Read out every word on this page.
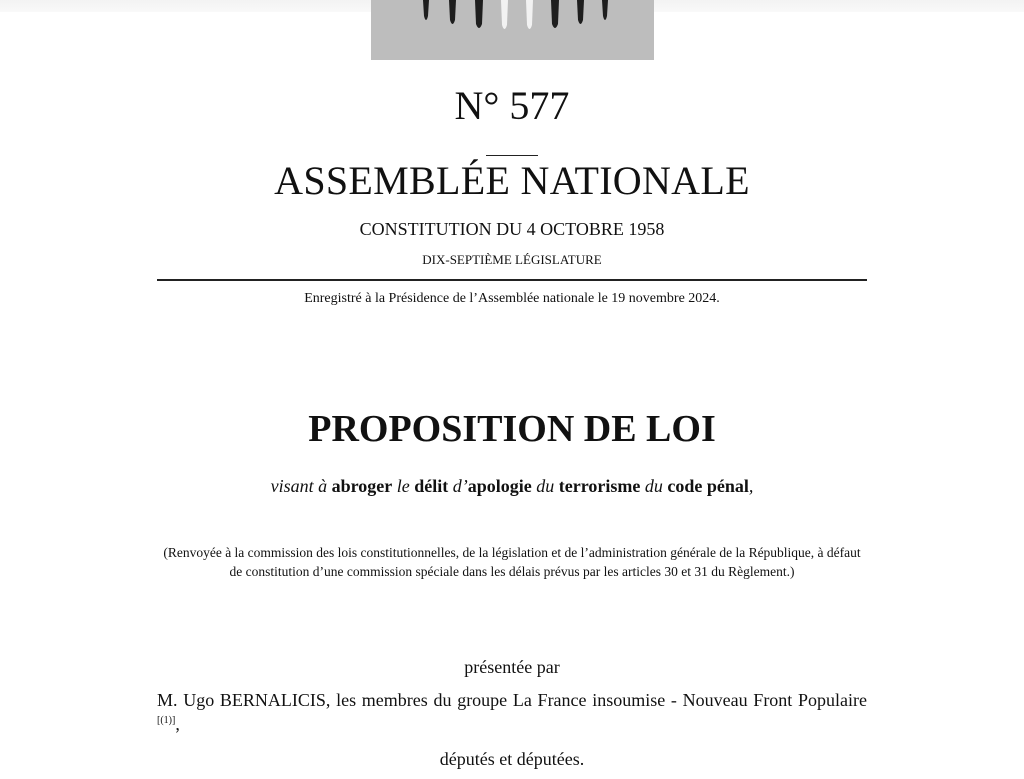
N° 577
ASSEMBLÉE NATIONALE
CONSTITUTION DU 4 OCTOBRE 1958
DIX-SEPTIÈME LÉGISLATURE
Enregistré à la Présidence de l’Assemblée nationale le 19 novembre 2024.
PROPOSITION DE LOI
visant à abroger le délit d’apologie du terrorisme du code pénal,
(Renvoyée à la commission des lois constitutionnelles, de la législation et de l’administration générale de la République, à défaut de constitution d’une commission spéciale dans les délais prévus par les articles 30 et 31 du Règlement.)
présentée par
M. Ugo BERNALICIS, les membres du groupe La France insoumise - Nouveau Front Populaire [(1)],
députés et députées.
